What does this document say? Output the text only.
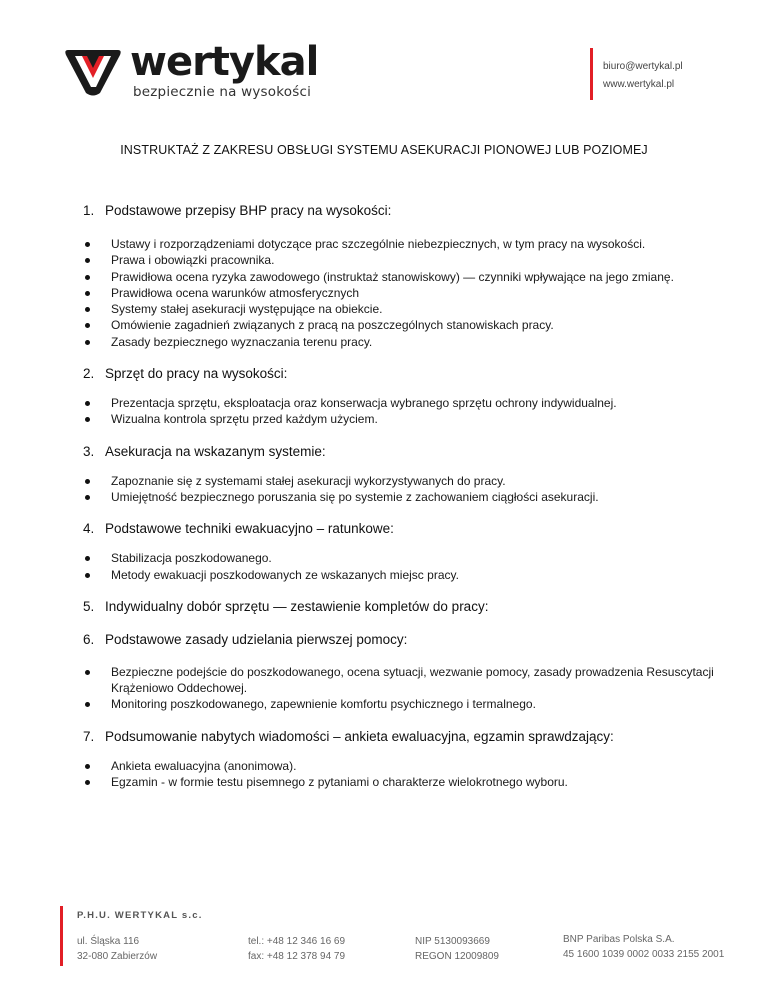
wertykal
bezpiecznie na wysokości
biuro@wertykal.pl
www.wertykal.pl
INSTRUKTAŻ Z ZAKRESU OBSŁUGI SYSTEMU ASEKURACJI PIONOWEJ LUB POZIOMEJ
1. Podstawowe przepisy BHP pracy na wysokości:
Ustawy i rozporządzeniami dotyczące prac szczególnie niebezpiecznych, w tym pracy na wysokości.
Prawa i obowiązki pracownika.
Prawidłowa ocena ryzyka zawodowego (instruktaż stanowiskowy) — czynniki wpływające na jego zmianę.
Prawidłowa ocena warunków atmosferycznych
Systemy stałej asekuracji występujące na obiekcie.
Omówienie zagadnień związanych z pracą na poszczególnych stanowiskach pracy.
Zasady bezpiecznego wyznaczania terenu pracy.
2. Sprzęt do pracy na wysokości:
Prezentacja sprzętu, eksploatacja oraz konserwacja wybranego sprzętu ochrony indywidualnej.
Wizualna kontrola sprzętu przed każdym użyciem.
3. Asekuracja na wskazanym systemie:
Zapoznanie się z systemami stałej asekuracji wykorzystywanych do pracy.
Umiejętność bezpiecznego poruszania się po systemie z zachowaniem ciągłości asekuracji.
4. Podstawowe techniki ewakuacyjno – ratunkowe:
Stabilizacja poszkodowanego.
Metody ewakuacji poszkodowanych ze wskazanych miejsc pracy.
5. Indywidualny dobór sprzętu — zestawienie kompletów do pracy:
6. Podstawowe zasady udzielania pierwszej pomocy:
Bezpieczne podejście do poszkodowanego, ocena sytuacji, wezwanie pomocy, zasady prowadzenia Resuscytacji Krążeniowo Oddechowej.
Monitoring poszkodowanego, zapewnienie komfortu psychicznego i termalnego.
7. Podsumowanie nabytych wiadomości – ankieta ewaluacyjna, egzamin sprawdzający:
Ankieta ewaluacyjna (anonimowa).
Egzamin - w formie testu pisemnego z pytaniami o charakterze wielokrotnego wyboru.
P.H.U. WERTYKAL s.c.
ul. Śląska 116
32-080 Zabierzów
tel.: +48 12 346 16 69
fax: +48 12 378 94 79
NIP 5130093669
REGON 12009809
BNP Paribas Polska S.A.
45 1600 1039 0002 0033 2155 2001
